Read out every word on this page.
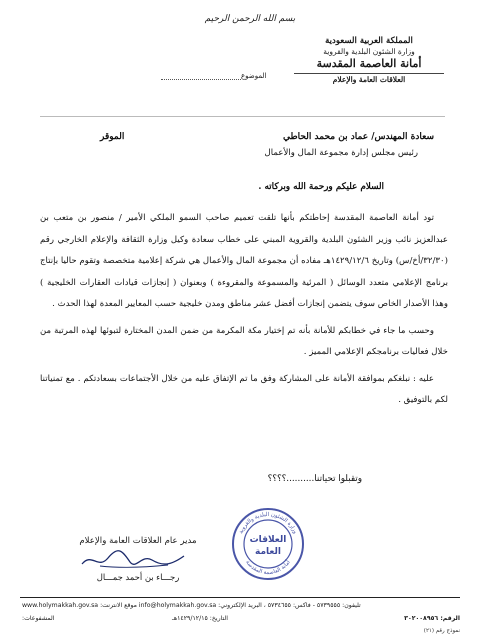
بسم الله الرحمن الرحيم
المملكة العربية السعودية
وزارة الشئون البلدية والقروية
أمانة العاصمة المقدسة
العلاقات العامة والإعلام
الموضوع
سعادة المهندس/ عماد بن محمد الحاطي
الموقر
رئيس مجلس إدارة مجموعة المال والأعمال
السلام عليكم ورحمة الله وبركاته .

تود أمانة العاصمة المقدسة إحاطتكم بأنها تلقت تعميم صاحب السمو الملكي الأمير / منصور بن متعب بن عبدالعزيز نائب وزير الشئون البلدية والقروية المبني على خطاب سعادة وكيل وزارة الثقافة والإعلام الخارجي رقم (٣٢/٣٠/أخ/س) وتاريخ ١٤٢٩/١٢/٦هـ مفاده أن مجموعة المال والأعمال هي شركة إعلامية متخصصة وتقوم حاليا بإنتاج برنامج الإعلامي متعدد الوسائل ( المرئية والمسموعة والمقروءة ) وبعنوان ( إنجازات قيادات العقارات الخليجية ) وهذا الأصدار الخاص سوف يتضمن إنجازات أفضل عشر مناطق ومدن خليجية حسب المعايير المعدة لهذا الحدث .

وحسب ما جاء في خطابكم للأمانة بأنه تم إختيار مكة المكرمة من ضمن المدن المختارة لتبوئها لهذه المرتبة من خلال فعاليات برنامجكم الإعلامي المميز .

عليه : نبلغكم بموافقة الأمانة على المشاركة وفق ما تم الإتفاق عليه من خلال الأجتماعات بسعادتكم . مع تمنياتنا لكم بالتوفيق .

وتقبلوا تحياتنا..........؟؟؟؟
وزارة الشئون البلدية والقروية
أمانة العاصمة المقدسة
العلاقات
العامة
مدير عام العلاقات العامة والإعلام
رجـــاء بن أحمد جمـــال
تليفون: ٥٧٣٩٥٥٥ - فاكس: ٥٧٣٤٦٥٥ ، البريد الإلكتروني: info@holymakkah.gov.sa موقع الانترنت: www.holymakkah.gov.sa
المشفوعات:	التاريخ: ١٤٢٩/١٢/١٥هـ	الرقم: ٣٠٢٠٠٨٩٥٦
نموذج رقم (٢١)
